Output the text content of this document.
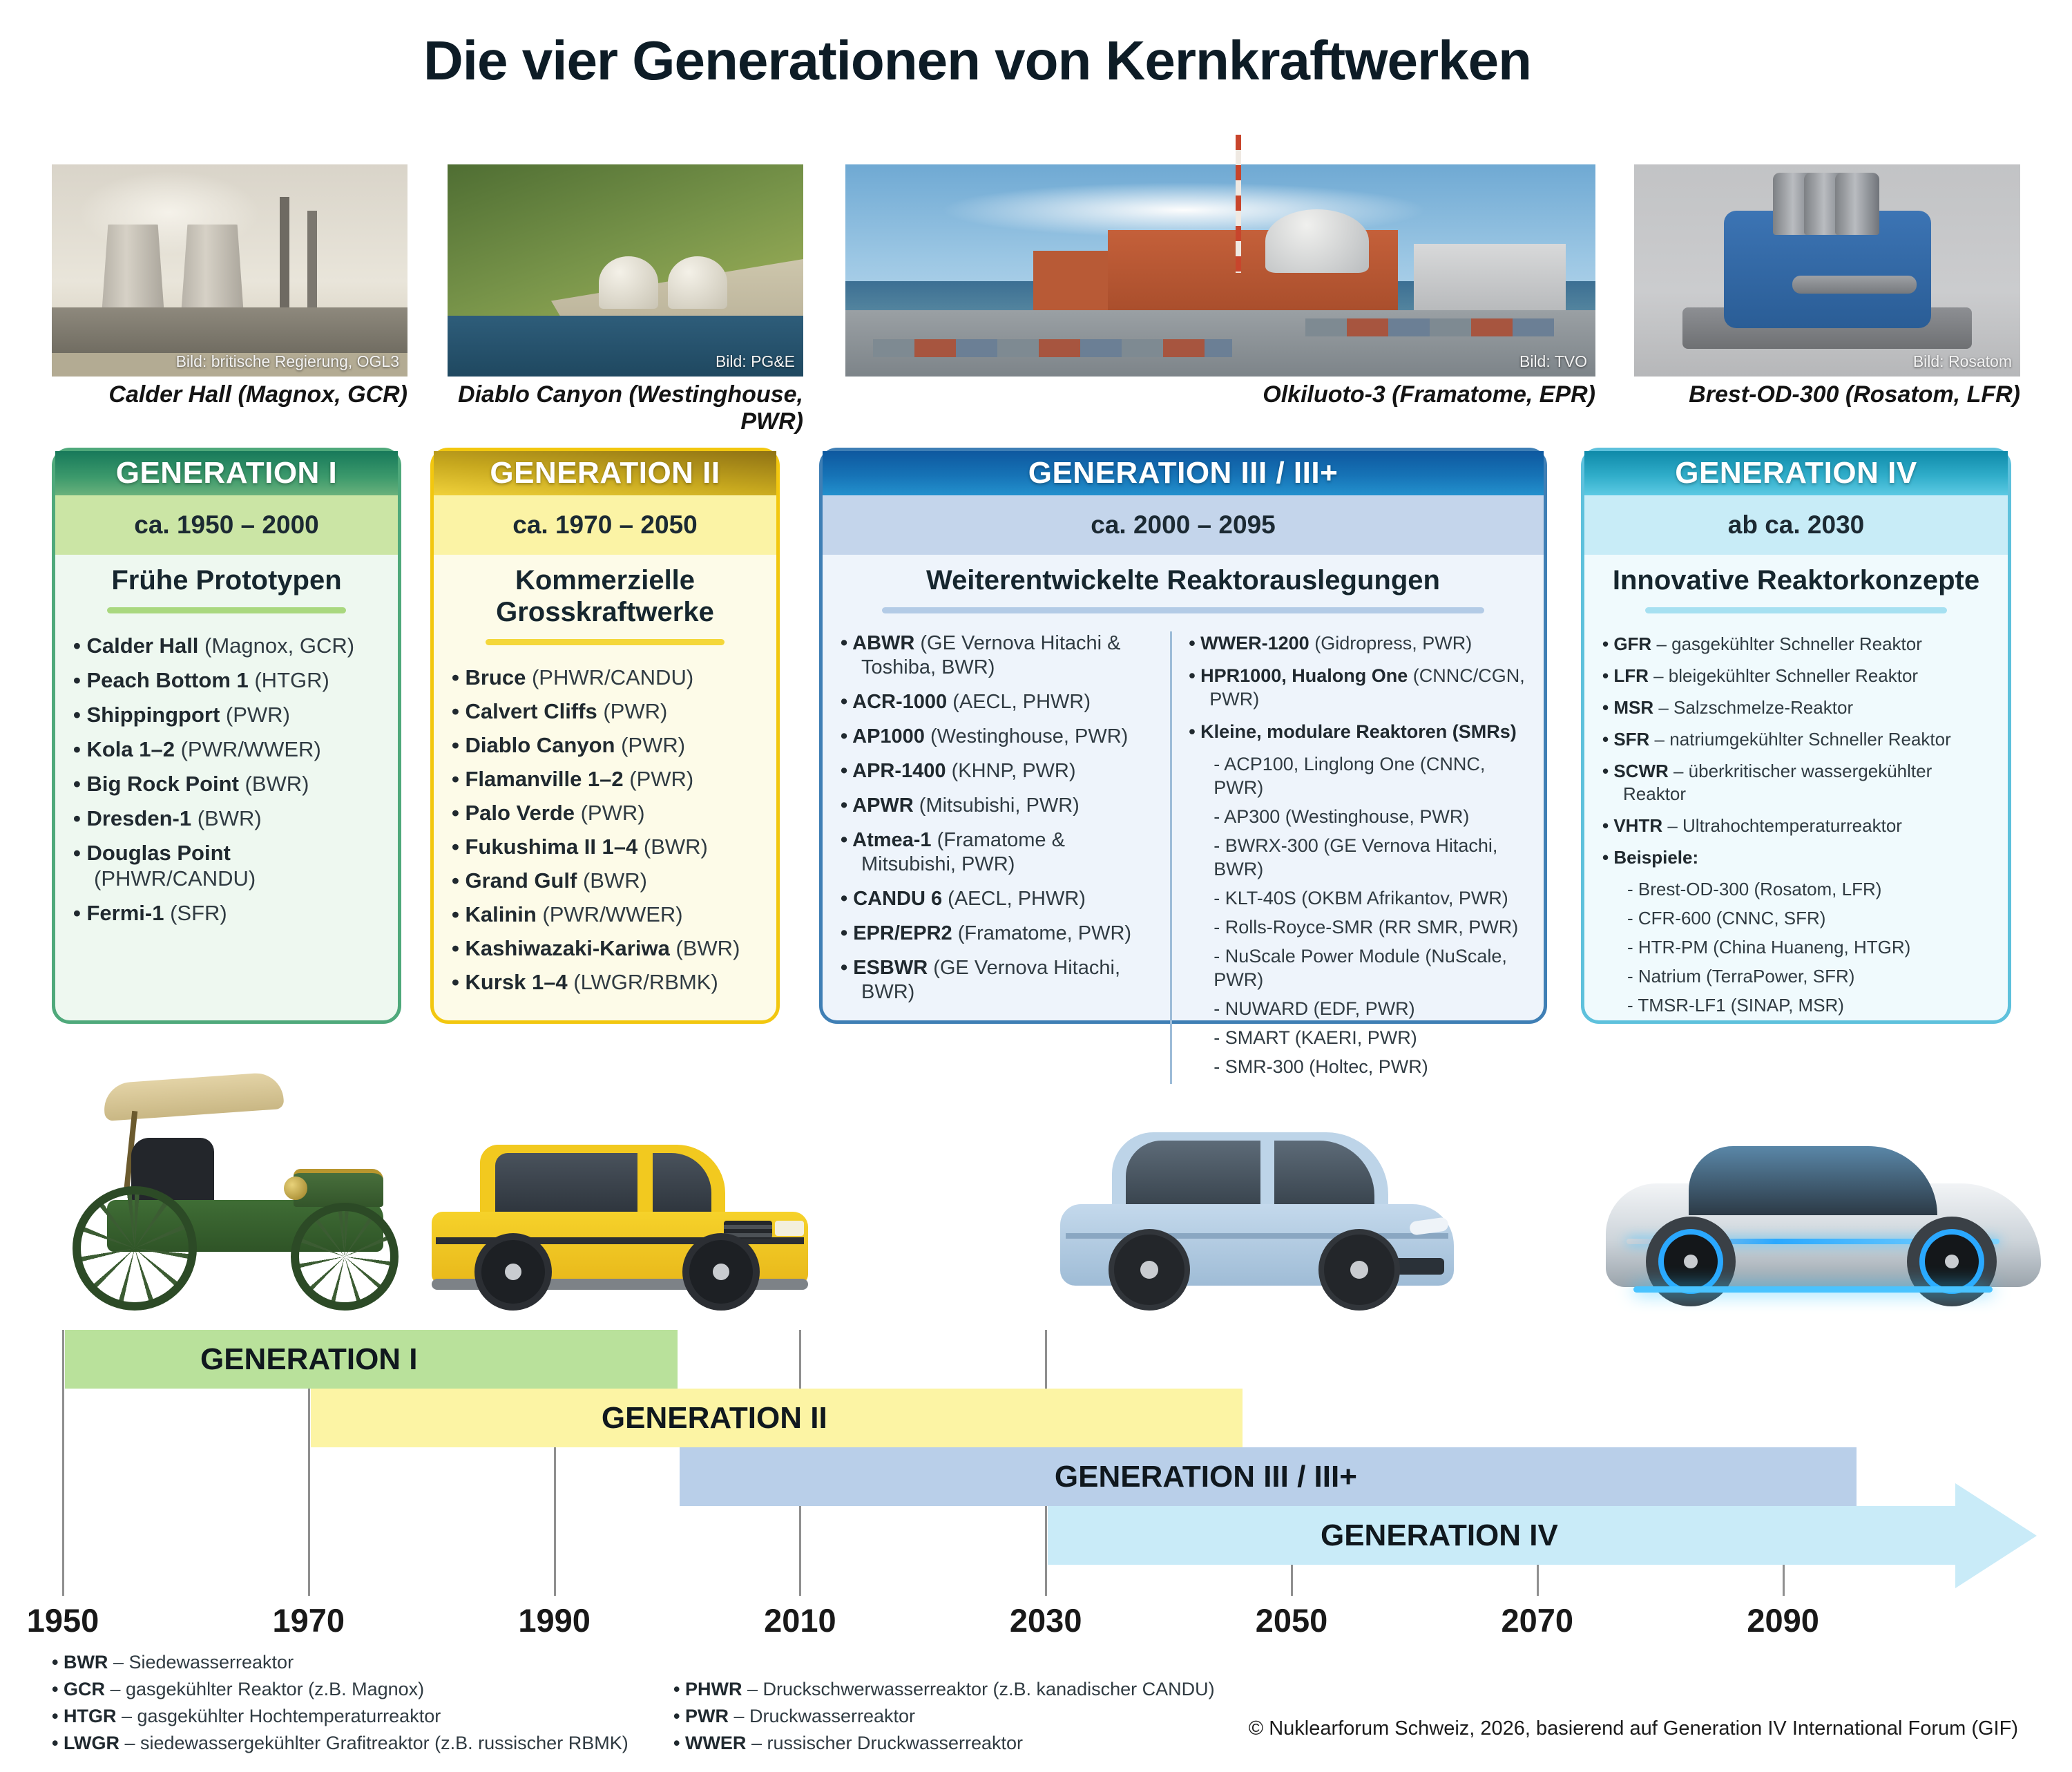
Die vier Generationen von Kernkraftwerken
Bild: britische Regierung, OGL3	Bild: PG&E	Bild: TVO	Bild: Rosatom
Calder Hall (Magnox, GCR)	Diablo Canyon (Westinghouse, PWR)
Olkiluoto-3 (Framatome, EPR)	Brest-OD-300 (Rosatom, LFR)
GENERATION I
ca. 1950 – 2000
Frühe Prototypen
• Calder Hall (Magnox, GCR)
• Peach Bottom 1 (HTGR)
• Shippingport (PWR)
• Kola 1–2 (PWR/WWER)
• Big Rock Point (BWR)
• Dresden-1 (BWR)
• Douglas Point (PHWR/CANDU)
• Fermi-1 (SFR)
GENERATION II
ca. 1970 – 2050
Kommerzielle Grosskraftwerke
• Bruce (PHWR/CANDU)
• Calvert Cliffs (PWR)
• Diablo Canyon (PWR)
• Flamanville 1–2 (PWR)
• Palo Verde (PWR)
• Fukushima II 1–4 (BWR)
• Grand Gulf (BWR)
• Kalinin (PWR/WWER)
• Kashiwazaki-Kariwa (BWR)
• Kursk 1–4 (LWGR/RBMK)
GENERATION III / III+
ca. 2000 – 2095
Weiterentwickelte Reaktorauslegungen
• ABWR (GE Vernova Hitachi & Toshiba, BWR)
• ACR-1000 (AECL, PHWR)
• AP1000 (Westinghouse, PWR)
• APR-1400 (KHNP, PWR)
• APWR (Mitsubishi, PWR)
• Atmea-1 (Framatome & Mitsubishi, PWR)
• CANDU 6 (AECL, PHWR)
• EPR/EPR2 (Framatome, PWR)
• ESBWR (GE Vernova Hitachi, BWR)
• WWER-1200 (Gidropress, PWR)
• HPR1000, Hualong One (CNNC/CGN, PWR)
• Kleine, modulare Reaktoren (SMRs)
- ACP100, Linglong One (CNNC, PWR)
- AP300 (Westinghouse, PWR)
- BWRX-300 (GE Vernova Hitachi, BWR)
- KLT-40S (OKBM Afrikantov, PWR)
- Rolls-Royce-SMR (RR SMR, PWR)
- NuScale Power Module (NuScale, PWR)
- NUWARD (EDF, PWR)
- SMART (KAERI, PWR)
- SMR-300 (Holtec, PWR)
GENERATION IV
ab ca. 2030
Innovative Reaktorkonzepte
• GFR – gasgekühlter Schneller Reaktor
• LFR – bleigekühlter Schneller Reaktor
• MSR – Salzschmelze-Reaktor
• SFR – natriumgekühlter Schneller Reaktor
• SCWR – überkritischer wassergekühlter Reaktor
• VHTR – Ultrahochtemperaturreaktor
• Beispiele:
- Brest-OD-300 (Rosatom, LFR)
- CFR-600 (CNNC, SFR)
- HTR-PM (China Huaneng, HTGR)
- Natrium (TerraPower, SFR)
- TMSR-LF1 (SINAP, MSR)
1950	1970	1990	2010	2030	2050	2070	2090
GENERATION I
GENERATION II
GENERATION III / III+
GENERATION IV
• BWR – Siedewasserreaktor
• GCR – gasgekühlter Reaktor (z.B. Magnox)
• HTGR – gasgekühlter Hochtemperaturreaktor
• LWGR – siedewassergekühlter Grafitreaktor (z.B. russischer RBMK)
• PHWR – Druckschwerwasserreaktor (z.B. kanadischer CANDU)
• PWR – Druckwasserreaktor
• WWER – russischer Druckwasserreaktor
© Nuklearforum Schweiz, 2026, basierend auf Generation IV International Forum (GIF)
